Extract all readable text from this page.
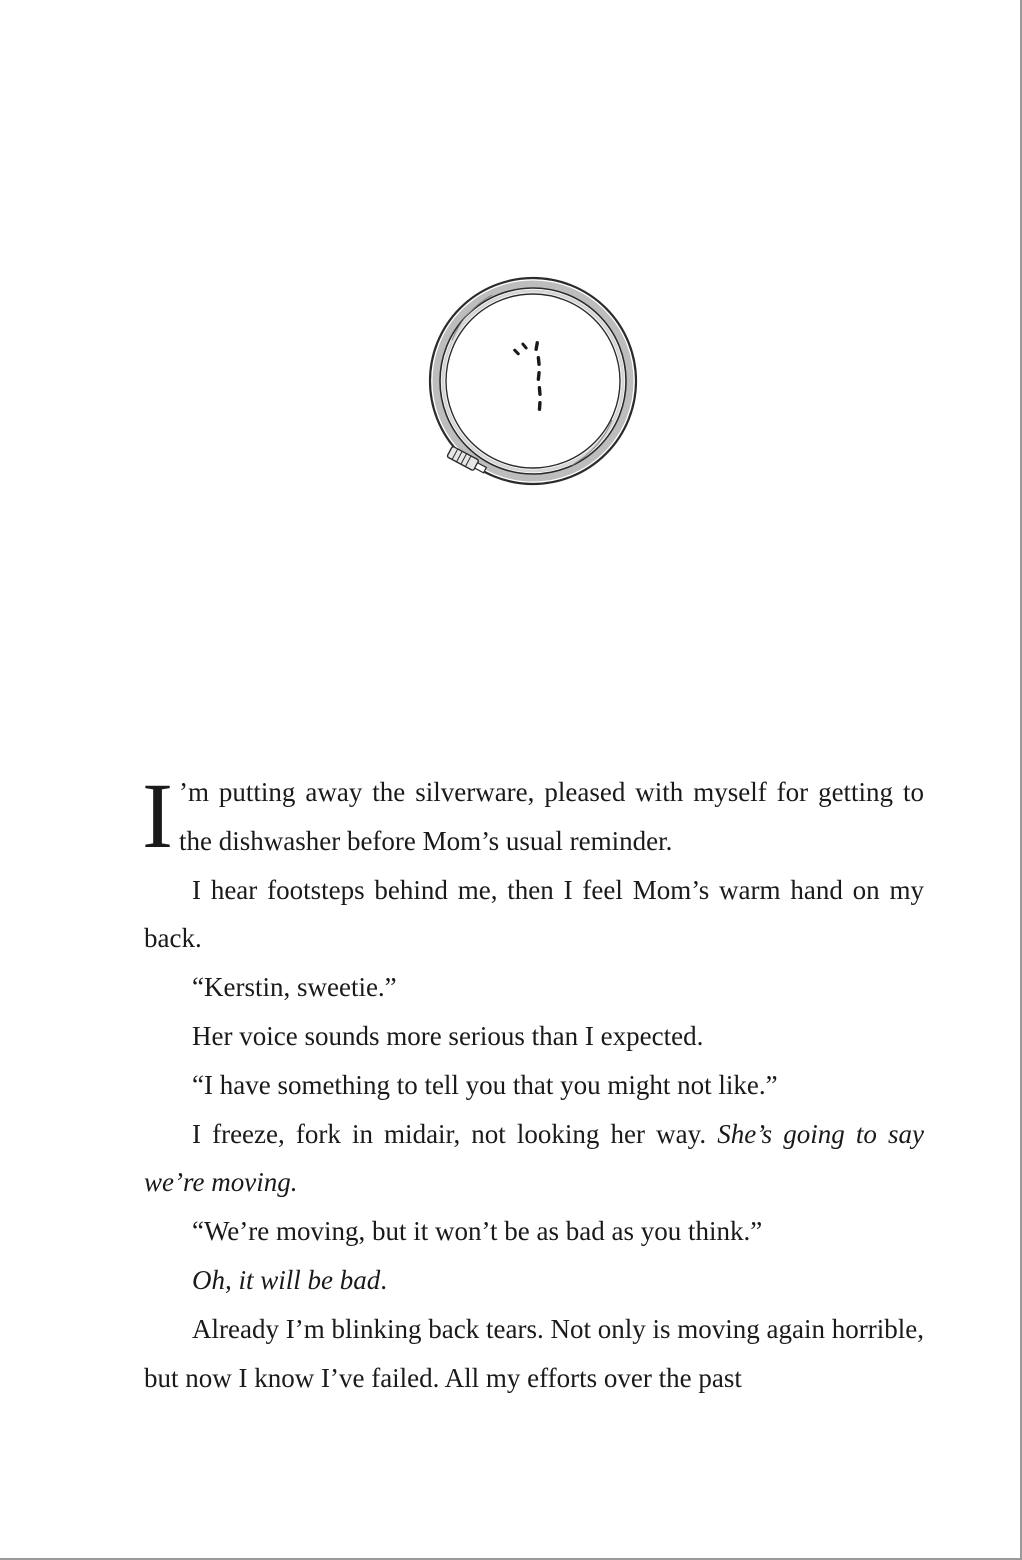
I ’m putting away the silverware, pleased with myself for getting to the dishwasher before Mom’s usual reminder.

I hear footsteps behind me, then I feel Mom’s warm hand on my back.

“Kerstin, sweetie.”

Her voice sounds more serious than I expected.

“I have something to tell you that you might not like.”

I freeze, fork in midair, not looking her way. She’s going to say we’re moving.

“We’re moving, but it won’t be as bad as you think.”

Oh, it will be bad.

Already I’m blinking back tears. Not only is moving again horrible, but now I know I’ve failed. All my efforts over the past
